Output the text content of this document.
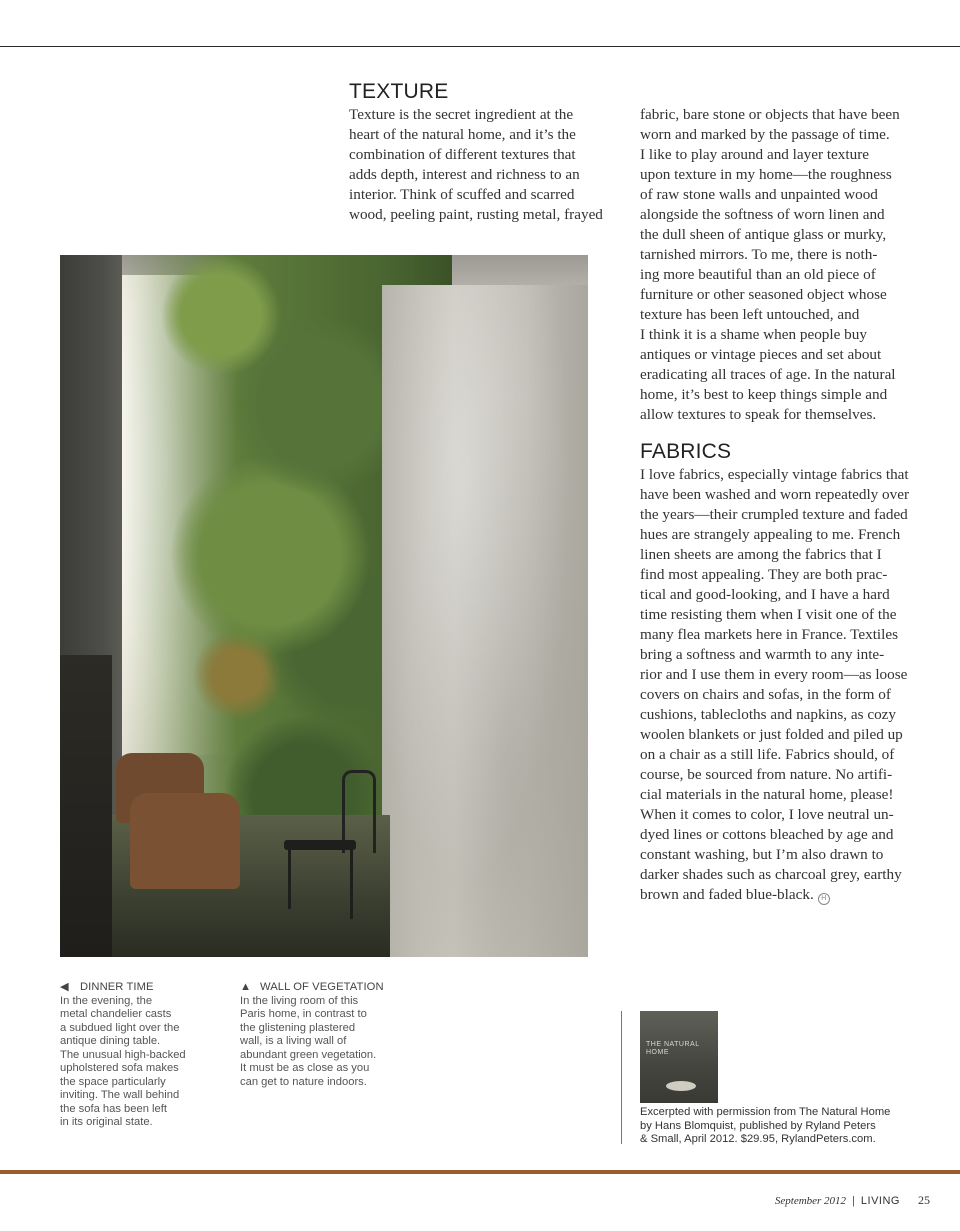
TEXTURE

Texture is the secret ingredient at the
heart of the natural home, and it’s the
combination of different textures that
adds depth, interest and richness to an
interior. Think of scuffed and scarred
wood, peeling paint, rusting metal, frayed

fabric, bare stone or objects that have been
worn and marked by the passage of time.
I like to play around and layer texture
upon texture in my home—the roughness
of raw stone walls and unpainted wood
alongside the softness of worn linen and
the dull sheen of antique glass or murky,
tarnished mirrors. To me, there is noth-
ing more beautiful than an old piece of
furniture or other seasoned object whose
texture has been left untouched, and
I think it is a shame when people buy
antiques or vintage pieces and set about
eradicating all traces of age. In the natural
home, it’s best to keep things simple and
allow textures to speak for themselves.

FABRICS

I love fabrics, especially vintage fabrics that
have been washed and worn repeatedly over
the years—their crumpled texture and faded
hues are strangely appealing to me. French
linen sheets are among the fabrics that I
find most appealing. They are both prac-
tical and good-looking, and I have a hard
time resisting them when I visit one of the
many flea markets here in France. Textiles
bring a softness and warmth to any inte-
rior and I use them in every room—as loose
covers on chairs and sofas, in the form of
cushions, tablecloths and napkins, as cozy
woolen blankets or just folded and piled up
on a chair as a still life. Fabrics should, of
course, be sourced from nature. No artifi-
cial materials in the natural home, please!
When it comes to color, I love neutral un-
dyed lines or cottons bleached by age and
constant washing, but I’m also drawn to
darker shades such as charcoal grey, earthy
brown and faded blue-black. H

◀ DINNER TIME
In the evening, the
metal chandelier casts
a subdued light over the
antique dining table.
The unusual high-backed
upholstered sofa makes
the space particularly
inviting. The wall behind
the sofa has been left
in its original state.
▲ WALL OF VEGETATION
In the living room of this
Paris home, in contrast to
the glistening plastered
wall, is a living wall of
abundant green vegetation.
It must be as close as you
can get to nature indoors.
THE NATURAL HOME
Excerpted with permission from The Natural Home
by Hans Blomquist, published by Ryland Peters
& Small, April 2012. $29.95, RylandPeters.com.
September 2012 | LIVING 25
